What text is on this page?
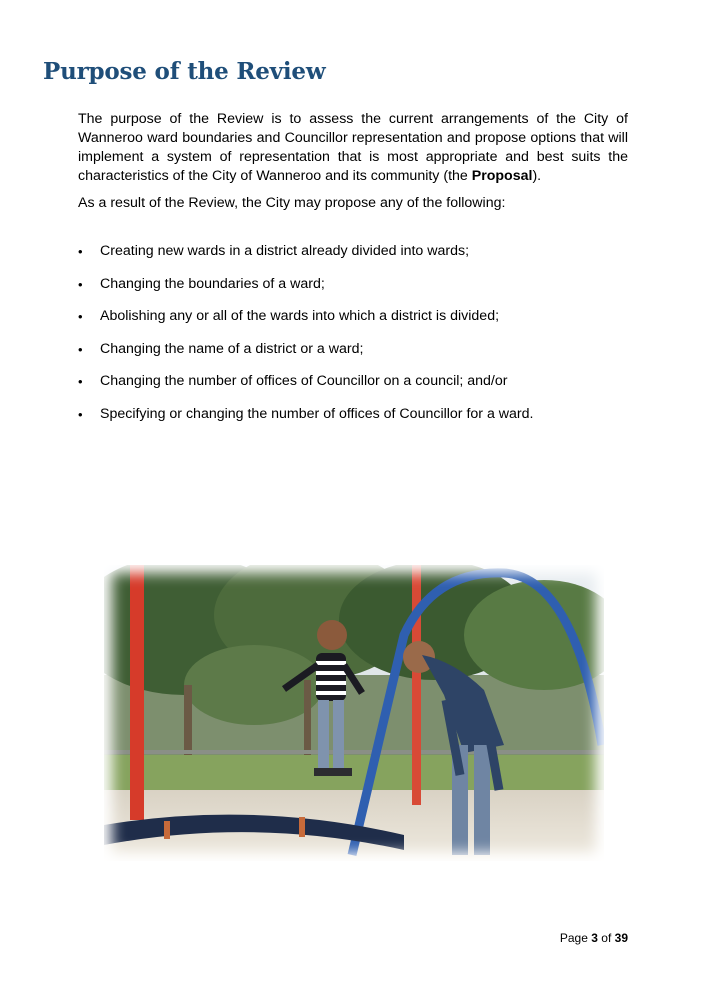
Purpose of the Review

The purpose of the Review is to assess the current arrangements of the City of Wanneroo ward boundaries and Councillor representation and propose options that will implement a system of representation that is most appropriate and best suits the characteristics of the City of Wanneroo and its community (the Proposal).

As a result of the Review, the City may propose any of the following:

• Creating new wards in a district already divided into wards;
• Changing the boundaries of a ward;
• Abolishing any or all of the wards into which a district is divided;
• Changing the name of a district or a ward;
• Changing the number of offices of Councillor on a council; and/or
• Specifying or changing the number of offices of Councillor for a ward.
Page 3 of 39
